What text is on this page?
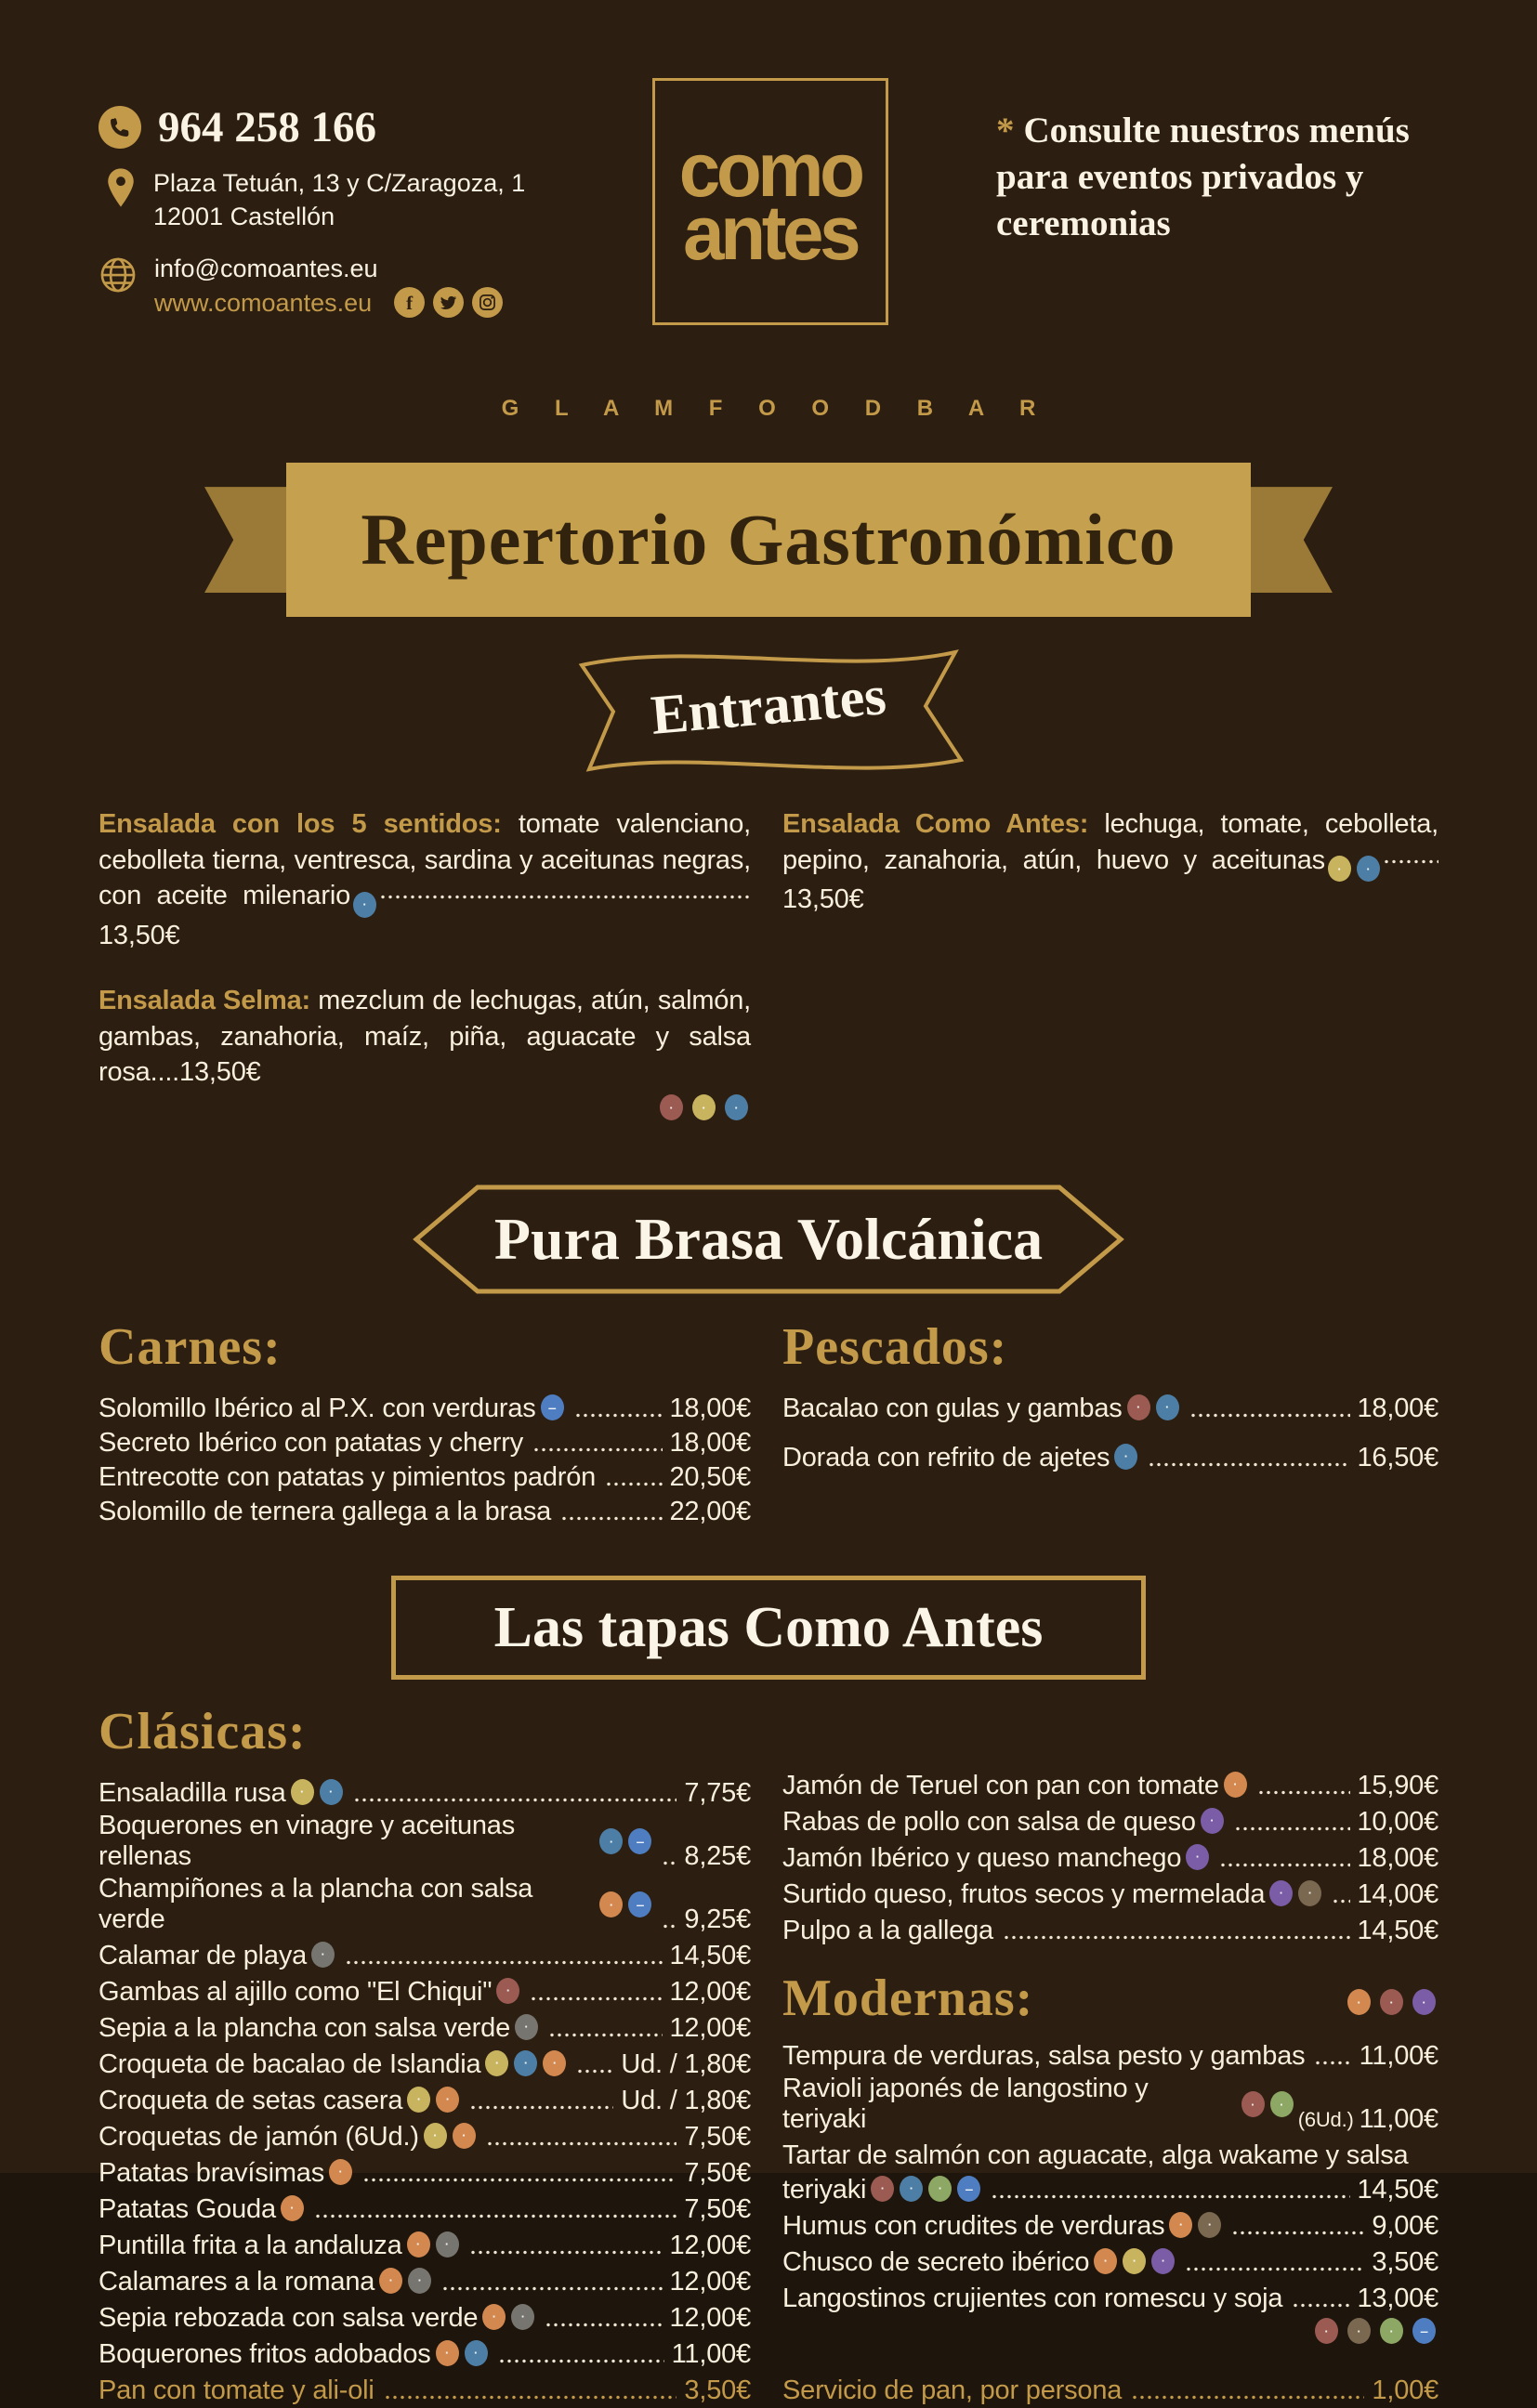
964 258 166
Plaza Tetuán, 13 y C/Zaragoza, 1
12001 Castellón
info@comoantes.eu

www.comoantes.eu	f
como
antes
* Consulte nuestros menús para eventos privados y ceremonias
G L A M F O O D B A R
Repertorio Gastronómico
Entrantes
Ensalada con los 5 sentidos: tomate valenciano, cebolleta tierna, ventresca, sardina y aceitunas negras, con aceite milenario·13,50€
Ensalada Selma: mezclum de lechugas, atún, salmón, gambas, zanahoria, maíz, piña, aguacate y salsa rosa....13,50€
·
·
·
Ensalada Como Antes: lechuga, tomate, cebolleta, pepino, zanahoria, atún, huevo y aceitunas··13,50€
Pura Brasa Volcánica
Carnes:
Solomillo Ibérico al P.X. con verduras ‒	18,00€
Secreto Ibérico con patatas y cherry	18,00€
Entrecotte con patatas y pimientos padrón	20,50€
Solomillo de ternera gallega a la brasa	22,00€
Pescados:
Bacalao con gulas y gambas · ·	18,00€
Dorada con refrito de ajetes ·	16,50€
Las tapas Como Antes
Clásicas:
Ensaladilla rusa · ·	7,75€
Boquerones en vinagre y aceitunas rellenas · ‒	8,25€
Champiñones a la plancha con salsa verde · ‒	9,25€
Calamar de playa ·	14,50€
Gambas al ajillo como "El Chiqui" ·	12,00€
Sepia a la plancha con salsa verde ·	12,00€
Croqueta de bacalao de Islandia · · ·	Ud. / 1,80€
Croqueta de setas casera · ·	Ud. / 1,80€
Croquetas de jamón (6Ud.) · ·	7,50€
Patatas bravísimas ·	7,50€
Patatas Gouda ·	7,50€
Puntilla frita a la andaluza · ·	12,00€
Calamares a la romana · ·	12,00€
Sepia rebozada con salsa verde · ·	12,00€
Boquerones fritos adobados · ·	11,00€
Pan con tomate y ali-oli	3,50€
Jamón de Teruel con pan con tomate ·	15,90€
Rabas de pollo con salsa de queso ·	10,00€
Jamón Ibérico y queso manchego ·	18,00€
Surtido queso, frutos secos y mermelada · ·	14,00€
Pulpo a la gallega	14,50€
Modernas:
·
·
·
Tempura de verduras, salsa pesto y gambas 11,00€
Ravioli japonés de langostino y teriyaki
·
·	(6Ud.) 11,00€
Tartar de salmón con aguacate, alga wakame y salsa
teriyaki · · · ‒	14,50€
Humus con crudites de verduras · ·	9,00€
Chusco de secreto ibérico · · ·	3,50€
Langostinos crujientes con romescu y soja	13,00€
·
·
·
‒
Servicio de pan, por persona	1,00€
